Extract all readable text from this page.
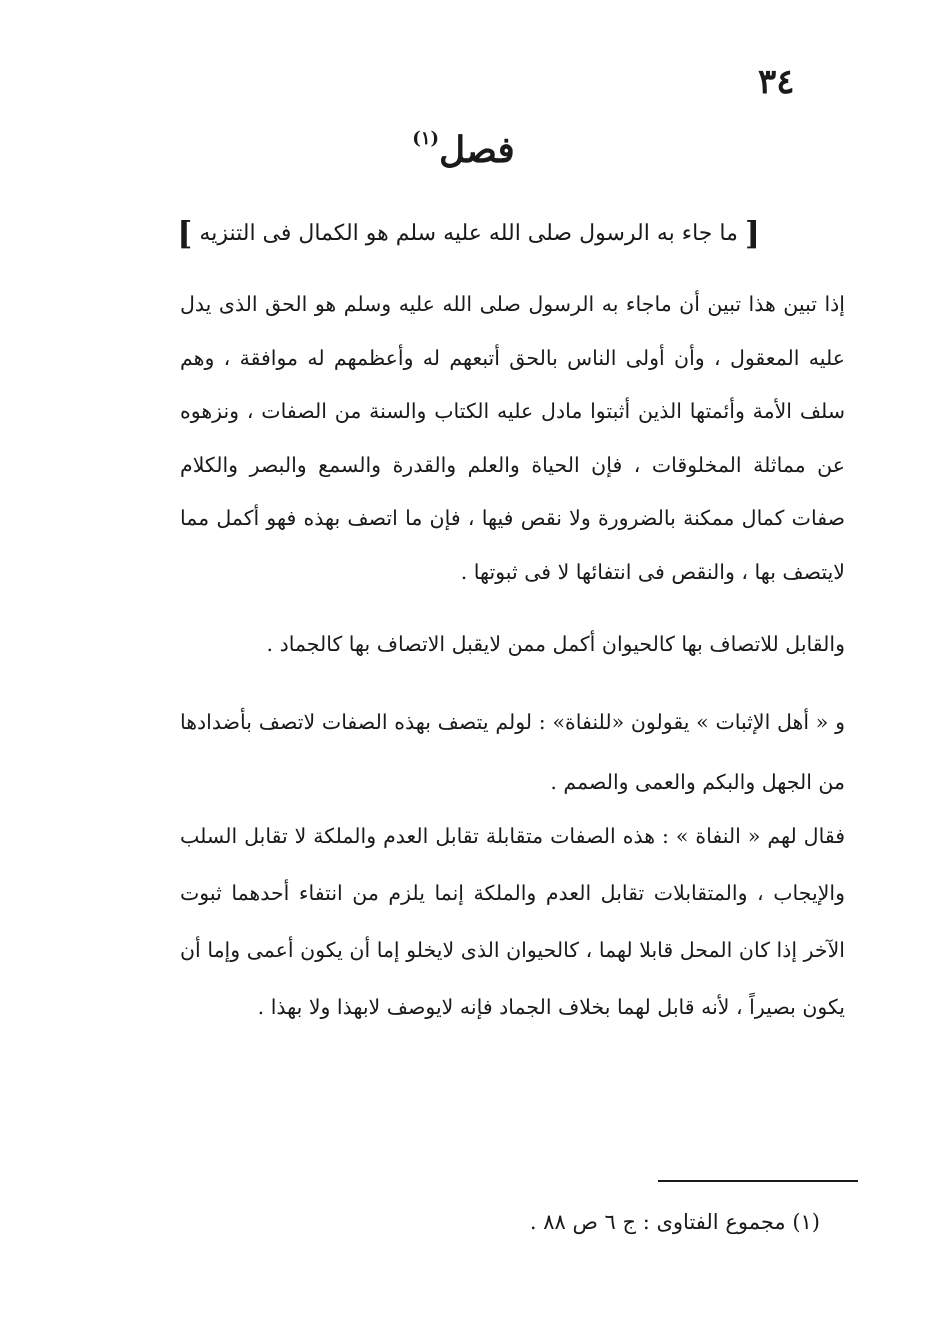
٣٤
فصل$^{(١)}$
[ ما جاء به الرسول صلى الله عليه سلم هو الكمال فى التنزيه ]
إذا تبين هذا تبين أن ماجاء به الرسول صلى الله عليه وسلم هو الحق الذى يدل عليه المعقول ، وأن أولى الناس بالحق أتبعهم له وأعظمهم له موافقة ، وهم سلف الأمة وأئمتها الذين أثبتوا مادل عليه الكتاب والسنة من الصفات ، ونزهوه عن مماثلة المخلوقات ، فإن الحياة والعلم والقدرة والسمع والبصر والكلام صفات كمال ممكنة بالضرورة ولا نقص فيها ، فإن ما اتصف بهذه فهو أكمل مما لايتصف بها ، والنقص فى انتفائها لا فى ثبوتها .
والقابل للاتصاف بها كالحيوان أكمل ممن لايقبل الاتصاف بها كالجماد .
و « أهل الإثبات » يقولون «للنفاة» : لولم يتصف بهذه الصفات لاتصف بأضدادها من الجهل والبكم والعمى والصمم .
فقال لهم « النفاة » : هذه الصفات متقابلة تقابل العدم والملكة لا تقابل السلب والإيجاب ، والمتقابلات تقابل العدم والملكة إنما يلزم من انتفاء أحدهما ثبوت الآخر إذا كان المحل قابلا لهما ، كالحيوان الذى لايخلو إما أن يكون أعمى وإما أن يكون بصيراً ، لأنه قابل لهما بخلاف الجماد فإنه لايوصف لابهذا ولا بهذا .
(١) مجموع الفتاوى : ج ٦ ص ٨٨ .
